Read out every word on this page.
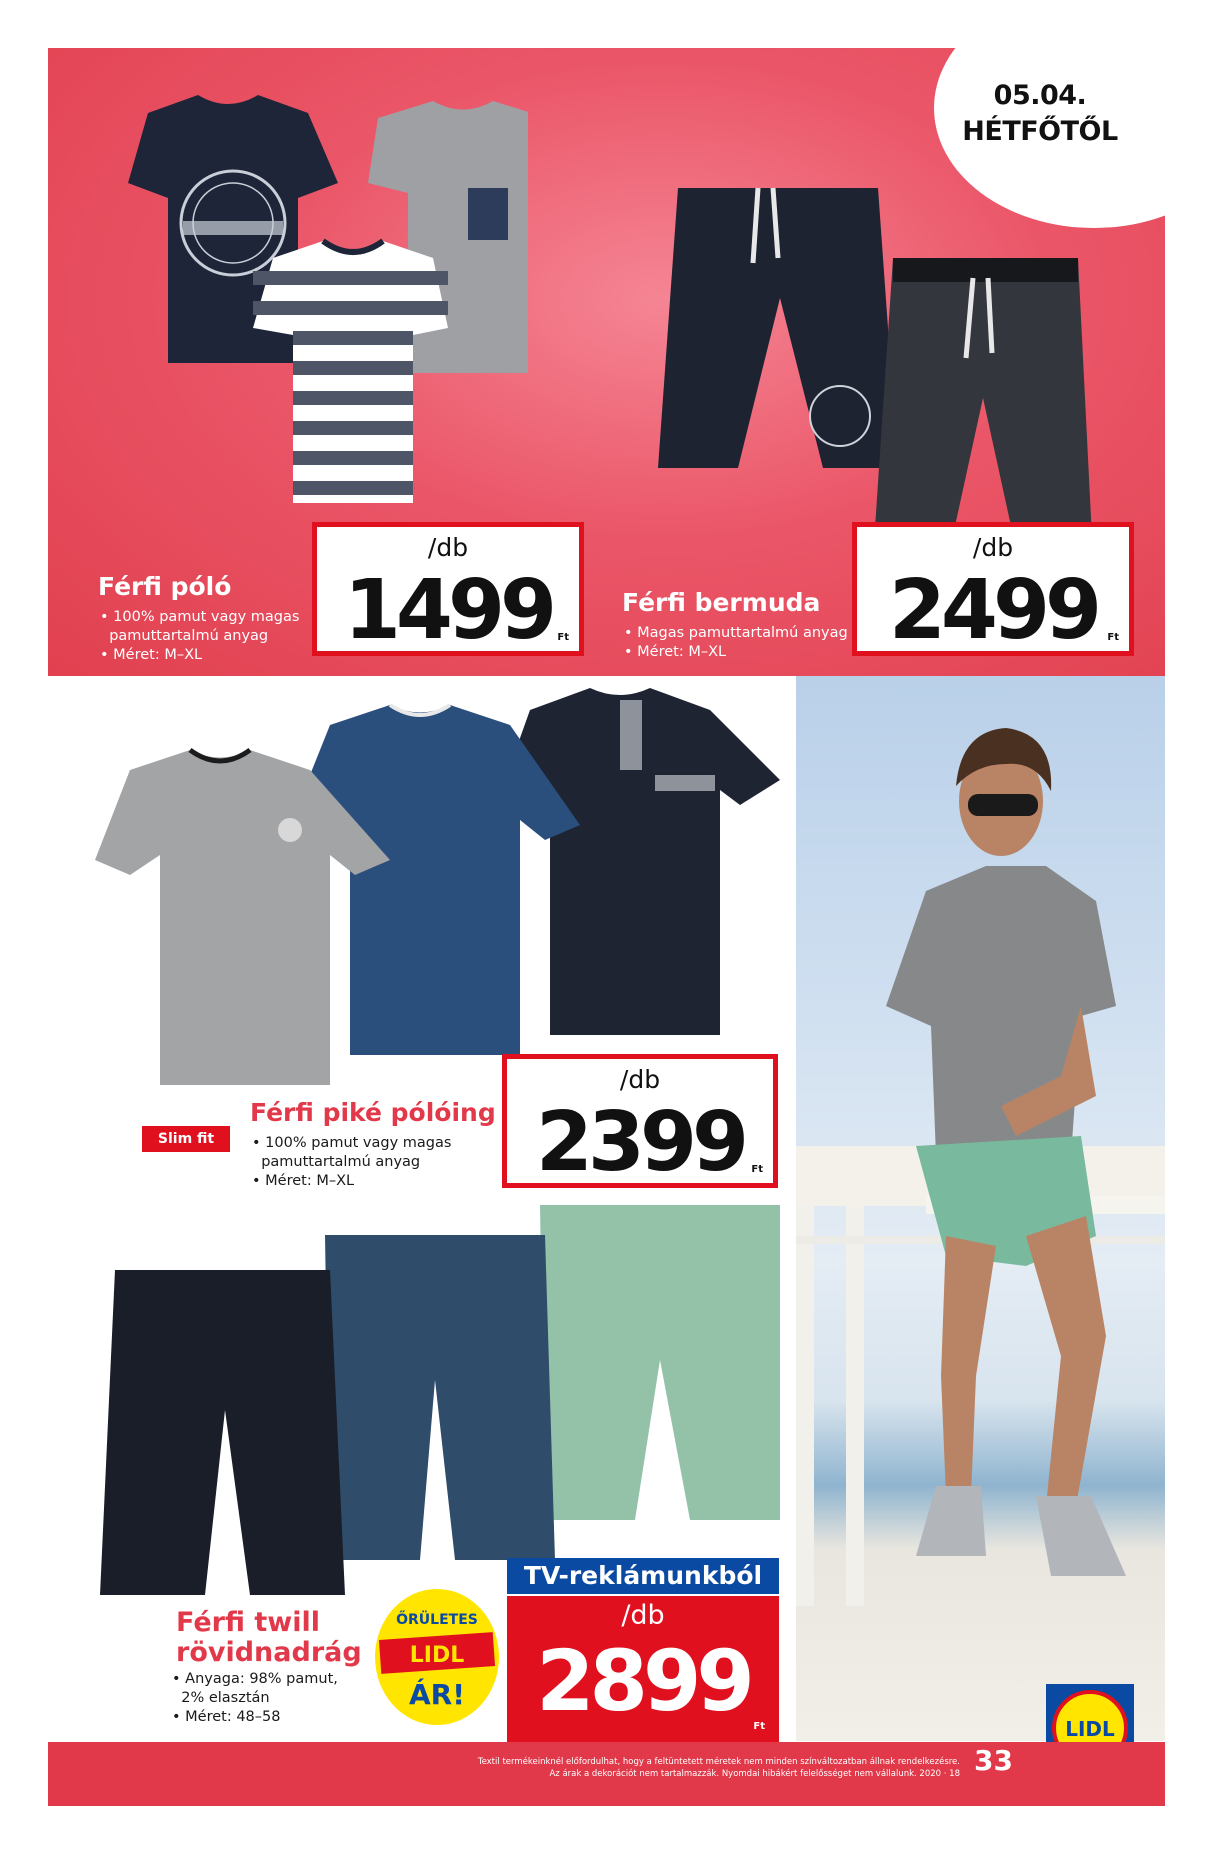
Férfi póló
• 100% pamut vagy magas
pamuttartalmú anyag
• Méret: M–XL
/db
1499 Ft
Férfi bermuda
• Magas pamuttartalmú anyag
• Méret: M–XL
/db
2499	Ft
05.04.
HÉTFŐTŐL
Slim fit
Férfi piké pólóing
• 100% pamut vagy magas
pamuttartalmú anyag
• Méret: M–XL
/db
2399 Ft
Férfi twill
rövidnadrág
• Anyaga: 98% pamut,
2% elasztán
• Méret: 48–58
ŐRÜLETES
LIDL
ÁR!
TV-reklámunkból
/db
2899 Ft	LIDL
Textil termékeinknél előfordulhat, hogy a feltüntetett méretek nem minden színváltozatban állnak rendelkezésre.
Az árak a dekorációt nem tartalmazzák. Nyomdai hibákért felelősséget nem vállalunk. 2020 · 18 33
